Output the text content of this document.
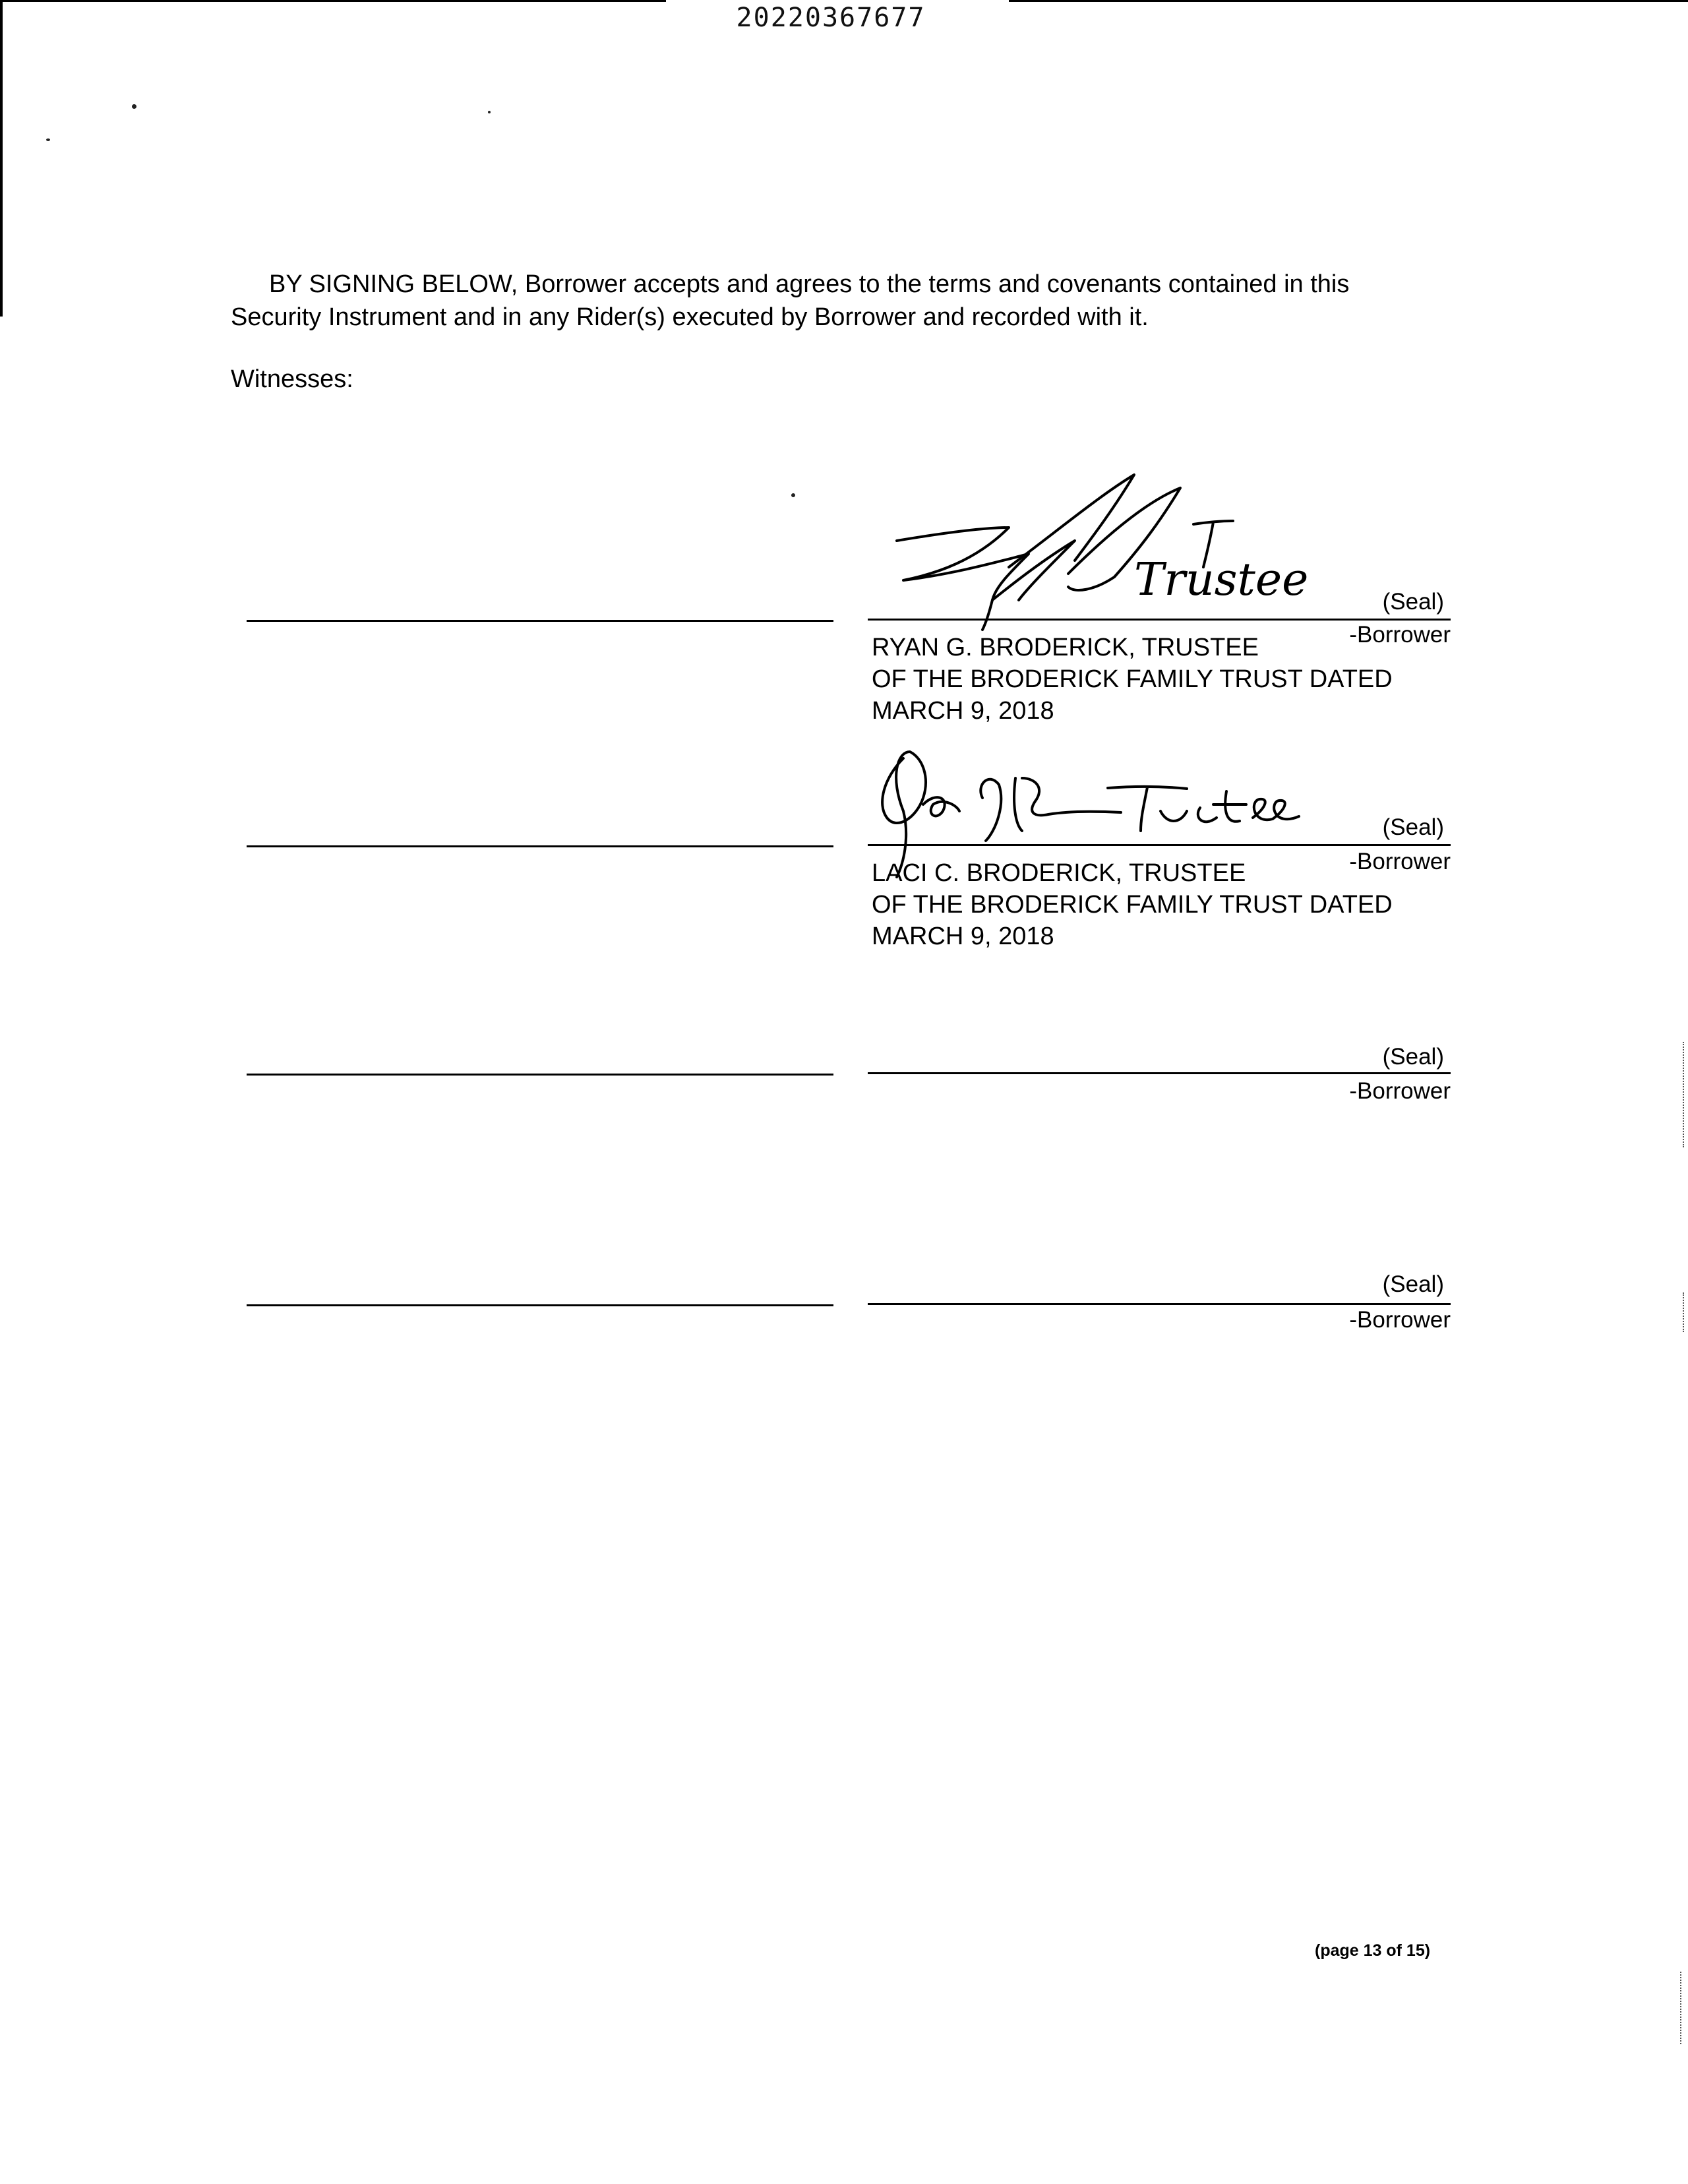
20220367677
BY SIGNING BELOW, Borrower accepts and agrees to the terms and covenants contained in this Security Instrument and in any Rider(s) executed by Borrower and recorded with it.
Witnesses:
Trustee	(Seal)
-Borrower
RYAN G. BRODERICK, TRUSTEE
OF THE BRODERICK FAMILY TRUST DATED
MARCH 9, 2018
(Seal)
-Borrower
LACI C. BRODERICK, TRUSTEE
OF THE BRODERICK FAMILY TRUST DATED
MARCH 9, 2018
(Seal)
-Borrower
(Seal)
-Borrower
(page 13 of 15)
